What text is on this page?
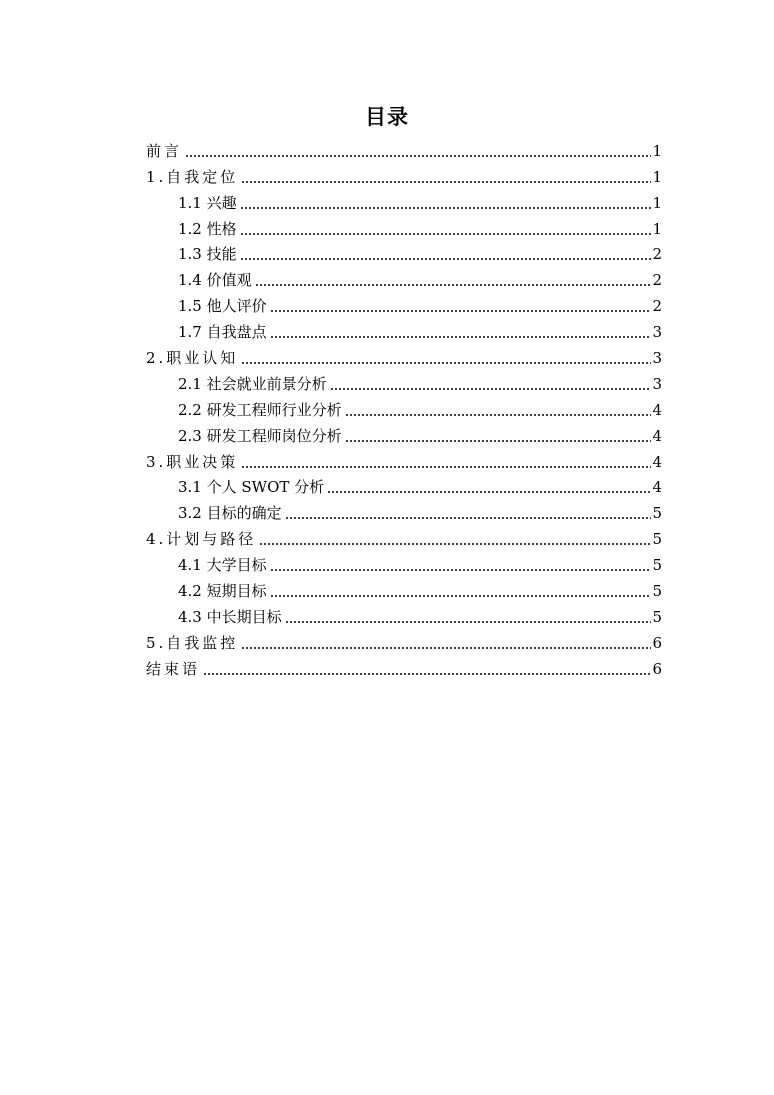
目录
前言	1
1.自我定位	1
1.1 兴趣	1
1.2 性格	1
1.3 技能	2
1.4 价值观	2
1.5 他人评价	2
1.7 自我盘点	3
2.职业认知	3
2.1 社会就业前景分析	3
2.2 研发工程师行业分析	4
2.3 研发工程师岗位分析	4
3.职业决策	4
3.1 个人 SWOT 分析	4
3.2 目标的确定	5
4.计划与路径	5
4.1 大学目标	5
4.2 短期目标	5
4.3 中长期目标	5
5.自我监控	6
结束语	6
